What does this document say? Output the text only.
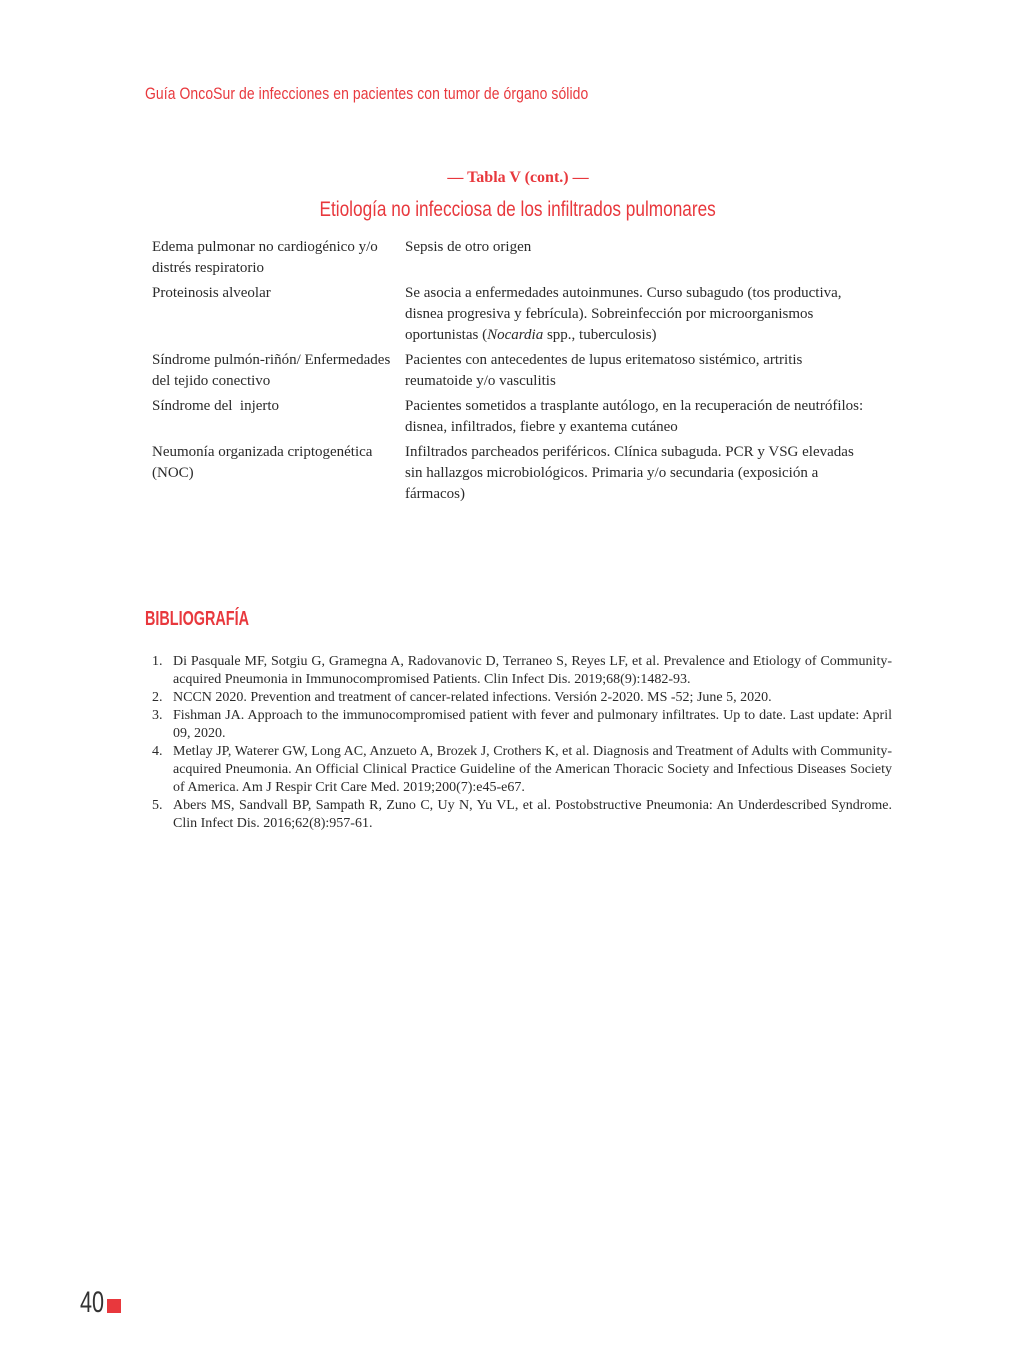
Guía OncoSur de infecciones en pacientes con tumor de órgano sólido
— Tabla V (cont.) —
Etiología no infecciosa de los infiltrados pulmonares
Edema pulmonar no cardiogénico y/o distrés respiratorio
Sepsis de otro origen
Proteinosis alveolar	Se asocia a enfermedades autoinmunes. Curso subagudo (tos productiva, disnea progresiva y febrícula). Sobreinfección por microorganismos oportunistas (Nocardia spp., tuberculosis)
Síndrome pulmón-riñón/ Enfermedades del tejido conectivo
Pacientes con antecedentes de lupus eritematoso sistémico, artritis reumatoide y/o vasculitis
Síndrome del  injerto	Pacientes sometidos a trasplante autólogo, en la recuperación de neutrófilos: disnea, infiltrados, fiebre y exantema cutáneo
Neumonía organizada criptogenética (NOC)
Infiltrados parcheados periféricos. Clínica subaguda. PCR y VSG elevadas sin hallazgos microbiológicos. Primaria y/o secundaria (exposición a fármacos)
BIBLIOGRAFÍA
1. Di Pasquale MF, Sotgiu G, Gramegna A, Radovanovic D, Terraneo S, Reyes LF, et al. Prevalence and Etiology of Community-acquired Pneumonia in Immunocompromised Patients. Clin Infect Dis. 2019;68(9):1482-93.
2. NCCN 2020. Prevention and treatment of cancer-related infections. Versión 2-2020. MS -52; June 5, 2020.
3. Fishman JA. Approach to the immunocompromised patient with fever and pulmonary infiltrates. Up to date. Last update: April 09, 2020.
4. Metlay JP, Waterer GW, Long AC, Anzueto A, Brozek J, Crothers K, et al. Diagnosis and Treatment of Adults with Community-acquired Pneumonia. An Official Clinical Practice Guideline of the American Thoracic Society and Infectious Diseases Society of America. Am J Respir Crit Care Med. 2019;200(7):e45-e67.
5. Abers MS, Sandvall BP, Sampath R, Zuno C, Uy N, Yu VL, et al. Postobstructive Pneumonia: An Underdescribed Syndrome. Clin Infect Dis. 2016;62(8):957-61.
40
